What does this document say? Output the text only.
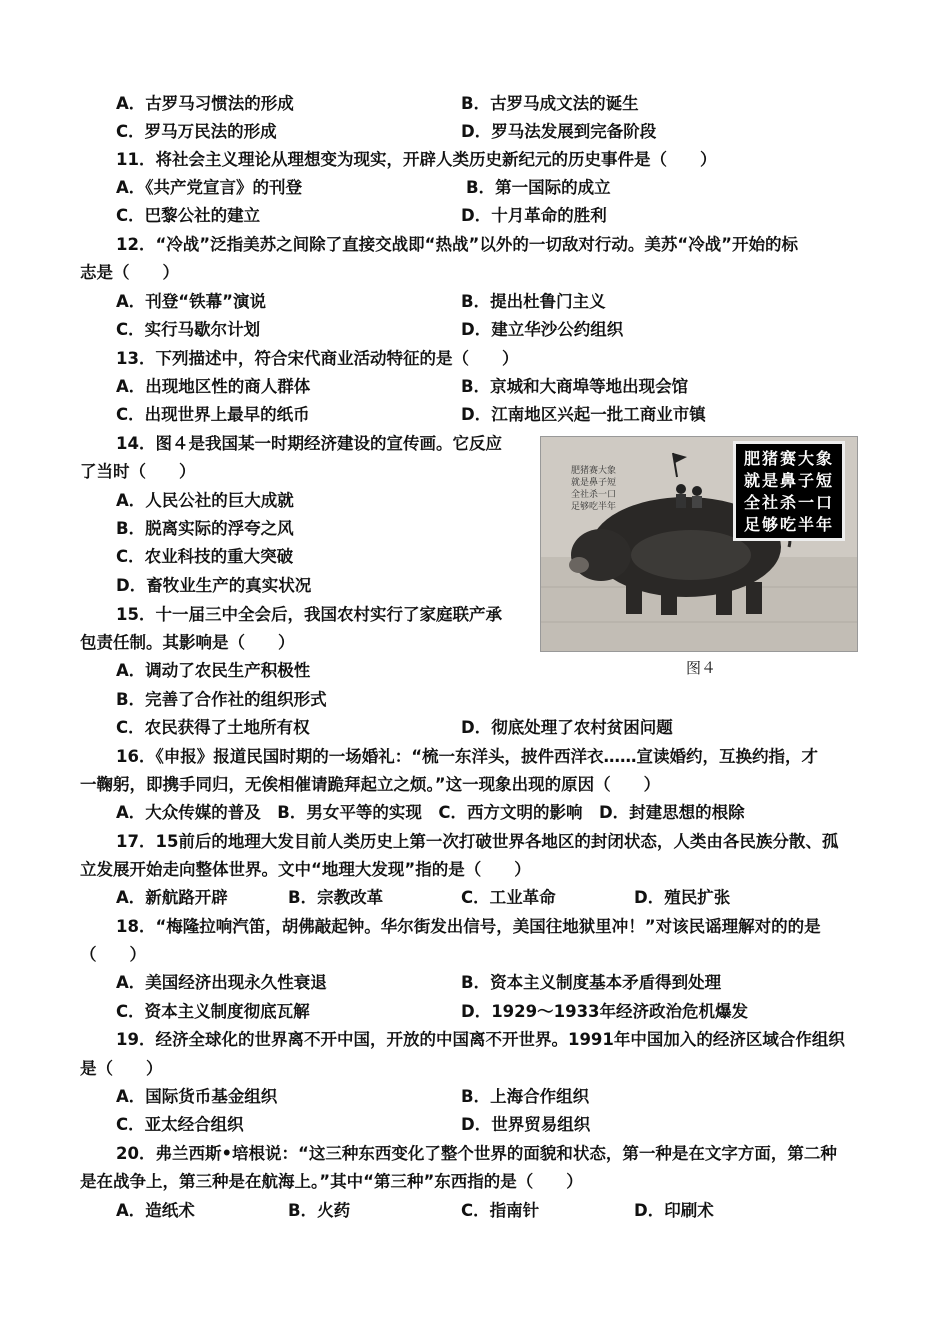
A．古罗马习惯法的形成	B．古罗马成文法的诞生
C．罗马万民法的形成	D．罗马法发展到完备阶段
11．将社会主义理论从理想变为现实，开辟人类历史新纪元的历史事件是（　　）
A．《共产党宣言》的刊登	B．第一国际的成立
C．巴黎公社的建立	D．十月革命的胜利
12．“冷战”泛指美苏之间除了直接交战即“热战”以外的一切敌对行动。美苏“冷战”开始的标
志是（　　）
A．刊登“铁幕”演说	B．提出杜鲁门主义
C．实行马歇尔计划	D．建立华沙公约组织
13．下列描述中，符合宋代商业活动特征的是（　　）
A．出现地区性的商人群体	B．京城和大商埠等地出现会馆
C．出现世界上最早的纸币	D．江南地区兴起一批工商业市镇
14．图４是我国某一时期经济建设的宣传画。它反应
了当时（　　）
A．人民公社的巨大成就
B．脱离实际的浮夸之风
C．农业科技的重大突破
D．畜牧业生产的真实状况
15．十一届三中全会后，我国农村实行了家庭联产承
包责任制。其影响是（　　）
A．调动了农民生产积极性
B．完善了合作社的组织形式
C．农民获得了土地所有权	D．彻底处理了农村贫困问题
16．《申报》报道民国时期的一场婚礼：“梳一东洋头，披件西洋衣……宣读婚约，互换约指，才
一鞠躬，即携手同归，无俟相催请跪拜起立之烦。”这一现象出现的原因（　　）
A．大众传媒的普及　B．男女平等的实现　C．西方文明的影响　D．封建思想的根除
17．15前后的地理大发目前人类历史上第一次打破世界各地区的封闭状态，人类由各民族分散、孤
立发展开始走向整体世界。文中“地理大发现”指的是（　　）
A．新航路开辟	B．宗教改革	C．工业革命	D．殖民扩张
18．“梅隆拉响汽笛，胡佛敲起钟。华尔街发出信号，美国往地狱里冲！”对该民谣理解对的的是
（　　）
A．美国经济出现永久性衰退	B．资本主义制度基本矛盾得到处理
C．资本主义制度彻底瓦解	D．1929～1933年经济政治危机爆发
19．经济全球化的世界离不开中国，开放的中国离不开世界。1991年中国加入的经济区域合作组织
是（　　）
A．国际货币基金组织	B．上海合作组织
C．亚太经合组织	D．世界贸易组织
20．弗兰西斯•培根说：“这三种东西变化了整个世界的面貌和状态，第一种是在文字方面，第二种
是在战争上，第三种是在航海上。”其中“第三种”东西指的是（　　）
A．造纸术	B．火药	C．指南针	D．印刷术
肥猪赛大象
就是鼻子短
全社杀一口
足够吃半年
肥猪赛大象
就是鼻子短
全社杀一口
足够吃半年
图４
